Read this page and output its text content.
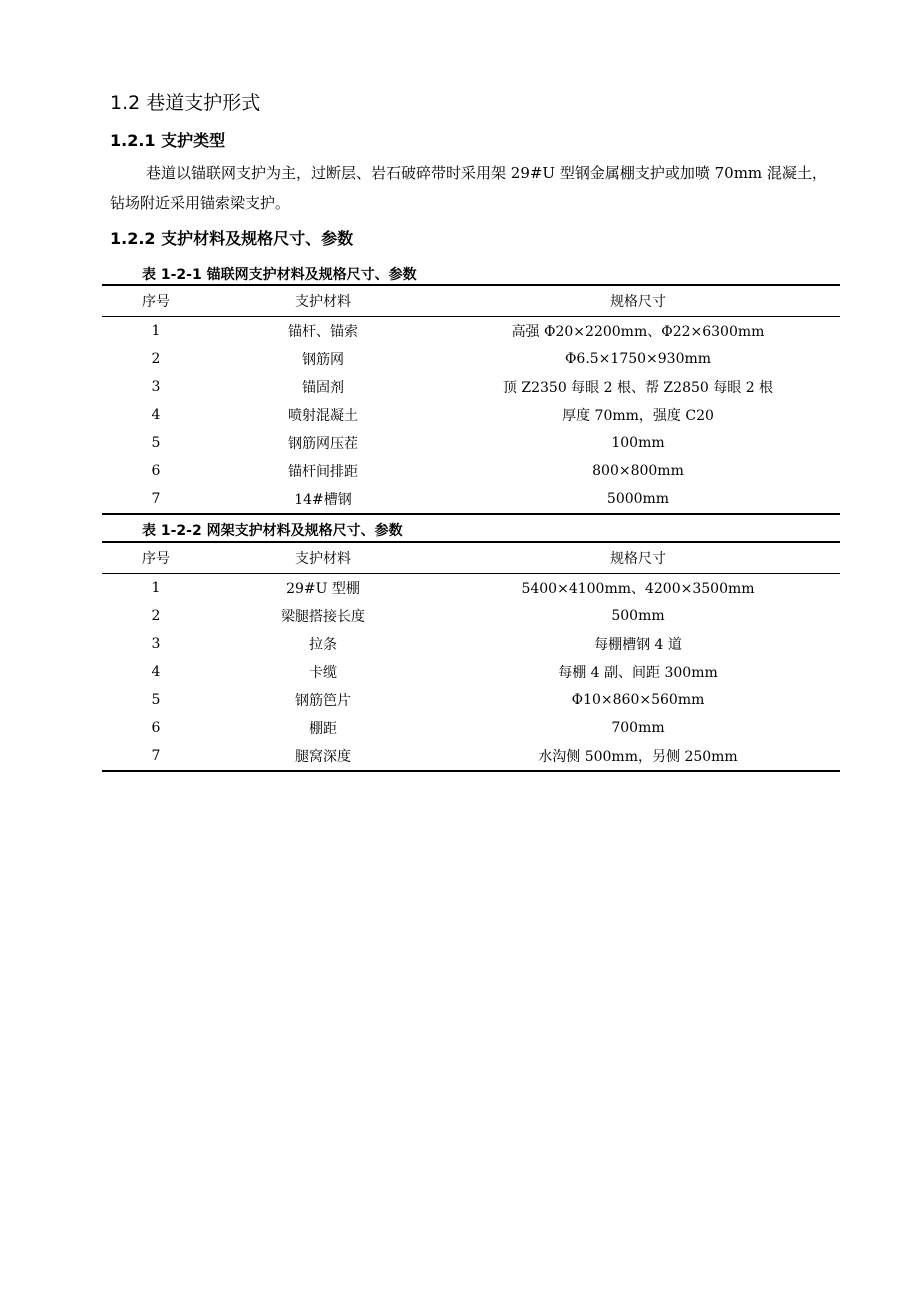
1.2 巷道支护形式
1.2.1 支护类型
巷道以锚联网支护为主，过断层、岩石破碎带时采用架 29#U 型钢金属棚支护或加喷 70mm 混凝土，钻场附近采用锚索梁支护。
1.2.2 支护材料及规格尺寸、参数
表 1-2-1 锚联网支护材料及规格尺寸、参数
序号	支护材料	规格尺寸
1	锚杆、锚索	高强 Φ20×2200mm、Φ22×6300mm
2	钢筋网	Φ6.5×1750×930mm
3	锚固剂	顶 Z2350 每眼 2 根、帮 Z2850 每眼 2 根
4	喷射混凝土	厚度 70mm，强度 C20
5	钢筋网压茬	100mm
6	锚杆间排距	800×800mm
7	14#槽钢	5000mm
表 1-2-2 网架支护材料及规格尺寸、参数
序号	支护材料	规格尺寸
1	29#U 型棚	5400×4100mm、4200×3500mm
2	梁腿搭接长度	500mm
3	拉条	每棚槽钢 4 道
4	卡缆	每棚 4 副、间距 300mm
5	钢筋笆片	Φ10×860×560mm
6	棚距	700mm
7	腿窝深度	水沟侧 500mm，另侧 250mm
